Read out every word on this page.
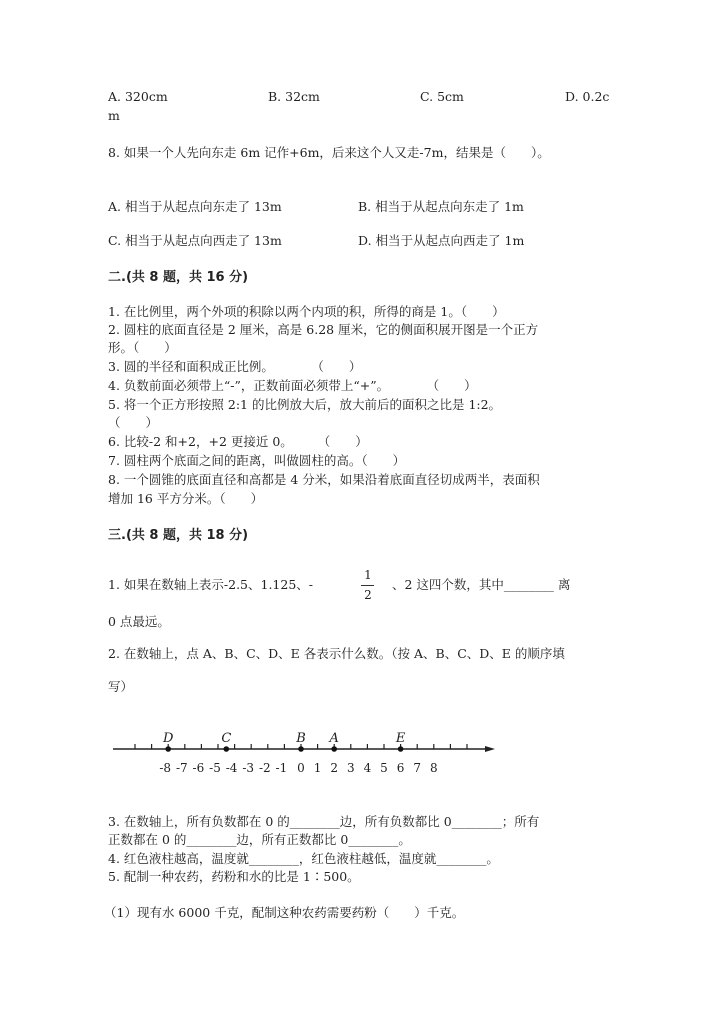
A. 320cm	B. 32cm	C. 5cm	D. 0.2c
m
8. 如果一个人先向东走 6m 记作+6m，后来这个人又走-7m，结果是（　　）。
A. 相当于从起点向东走了 13m	B. 相当于从起点向东走了 1m
C. 相当于从起点向西走了 13m	D. 相当于从起点向西走了 1m
二.(共 8 题，共 16 分)
1. 在比例里，两个外项的积除以两个内项的积，所得的商是 1。（　　）
2. 圆柱的底面直径是 2 厘米，高是 6.28 厘米，它的侧面积展开图是一个正方
形。（　　）
3. 圆的半径和面积成正比例。　　　　（　　）
4. 负数前面必须带上“-”，正数前面必须带上“+”。　　　　（　　）
5. 将一个正方形按照 2:1 的比例放大后，放大前后的面积之比是 1:2。
（　　）
6. 比较-2 和+2，+2 更接近 0。　　　（　　）
7. 圆柱两个底面之间的距离，叫做圆柱的高。（　　）
8. 一个圆锥的底面直径和高都是 4 分米，如果沿着底面直径切成两半，表面积
增加 16 平方分米。（　　）
三.(共 8 题，共 18 分)
1. 如果在数轴上表示-2.5、1.125、-
1
2
、2 这四个数，其中________ 离
0 点最远。
2. 在数轴上，点 A、B、C、D、E 各表示什么数。（按 A、B、C、D、E 的顺序填
写）
-8 -7 -6 -5 -4 -3 -2 -1 0 1 2 3 4 5 6 7 8
D	C	B A	E
3. 在数轴上，所有负数都在 0 的________边，所有负数都比 0________；所有
正数都在 0 的________边，所有正数都比 0________。
4. 红色液柱越高，温度就________，红色液柱越低，温度就________。
5. 配制一种农药，药粉和水的比是 1∶500。
（1）现有水 6000 千克，配制这种农药需要药粉（　　）千克。
